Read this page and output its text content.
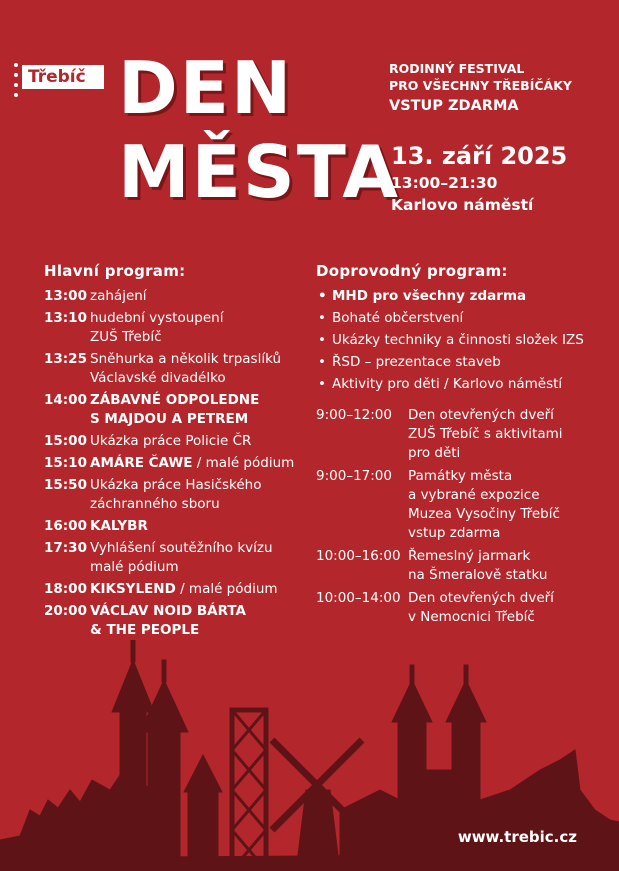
Třebíč DEN
MĚSTA
RODINNÝ FESTIVAL
PRO VŠECHNY TŘEBÍČÁKY
VSTUP ZDARMA
13. září 2025
13:00–21:30
Karlovo náměstí
Hlavní program:
13:00 zahájení
13:10 hudební vystoupení
ZUŠ Třebíč
13:25 Sněhurka a několik trpaslíků
Václavské divadélko
14:00 ZÁBAVNÉ ODPOLEDNE
S MAJDOU A PETREM
15:00 Ukázka práce Policie ČR
15:10 AMÁRE ČAWE / malé pódium
15:50 Ukázka práce Hasičského
záchranného sboru
16:00 KALYBR
17:30 Vyhlášení soutěžního kvízu
malé pódium
18:00 KIKSYLEND / malé pódium
20:00 VÁCLAV NOID BÁRTA
& THE PEOPLE
Doprovodný program:
• MHD pro všechny zdarma
• Bohaté občerstvení
• Ukázky techniky a činnosti složek IZS
• ŘSD – prezentace staveb
• Aktivity pro děti / Karlovo náměstí
9:00–12:00	Den otevřených dveří
ZUŠ Třebíč s aktivitami
pro děti
9:00–17:00	Památky města
a vybrané expozice
Muzea Vysočiny Třebíč
vstup zdarma
10:00–16:00 Řemeslný jarmark
na Šmeralově statku
10:00–14:00 Den otevřených dveří
v Nemocnici Třebíč
www.trebic.cz
